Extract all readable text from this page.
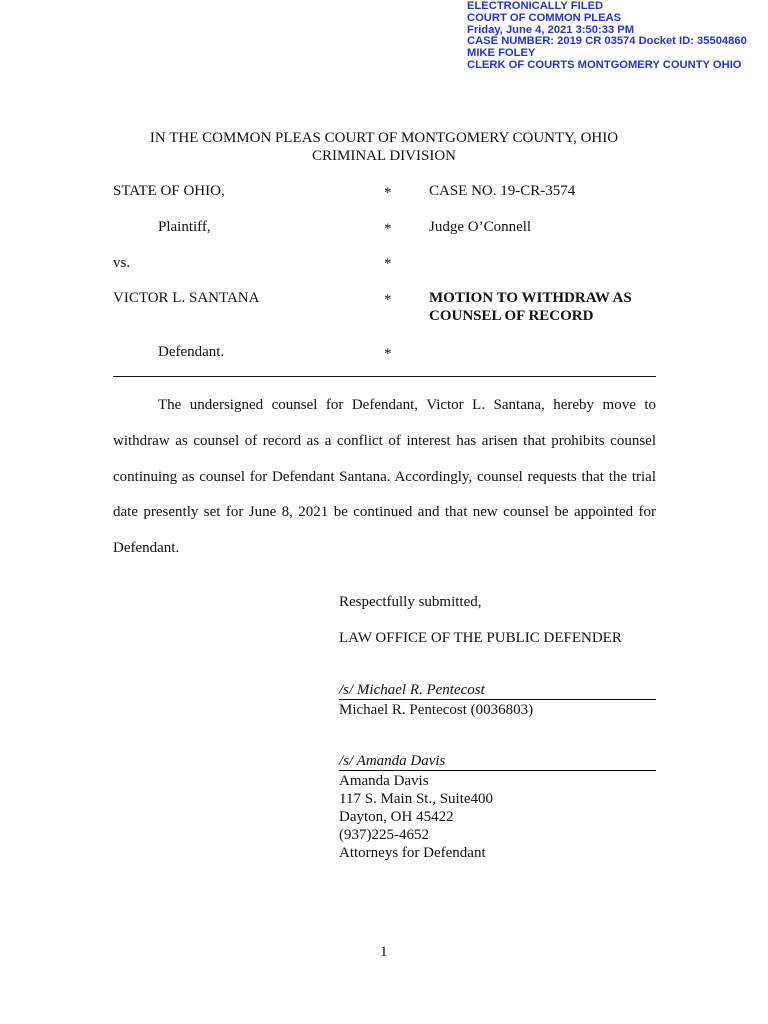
ELECTRONICALLY FILED
COURT OF COMMON PLEAS
Friday, June 4, 2021 3:50:33 PM
CASE NUMBER: 2019 CR 03574 Docket ID: 35504860
MIKE FOLEY
CLERK OF COURTS MONTGOMERY COUNTY OHIO
IN THE COMMON PLEAS COURT OF MONTGOMERY COUNTY, OHIO
CRIMINAL DIVISION
STATE OF OHIO,
Plaintiff,
vs.
VICTOR L. SANTANA
Defendant.
*
*
*
*
*
CASE NO. 19-CR-3574
Judge O’Connell
MOTION TO WITHDRAW AS
COUNSEL OF RECORD
The undersigned counsel for Defendant, Victor L. Santana, hereby move to
withdraw as counsel of record as a conflict of interest has arisen that prohibits counsel
continuing as counsel for Defendant Santana. Accordingly, counsel requests that the trial
date presently set for June 8, 2021 be continued and that new counsel be appointed for
Defendant.
Respectfully submitted,
LAW OFFICE OF THE PUBLIC DEFENDER
/s/ Michael R. Pentecost
Michael R. Pentecost (0036803)
/s/ Amanda Davis
Amanda Davis
117 S. Main St., Suite400
Dayton, OH 45422
(937)225-4652
Attorneys for Defendant
1
